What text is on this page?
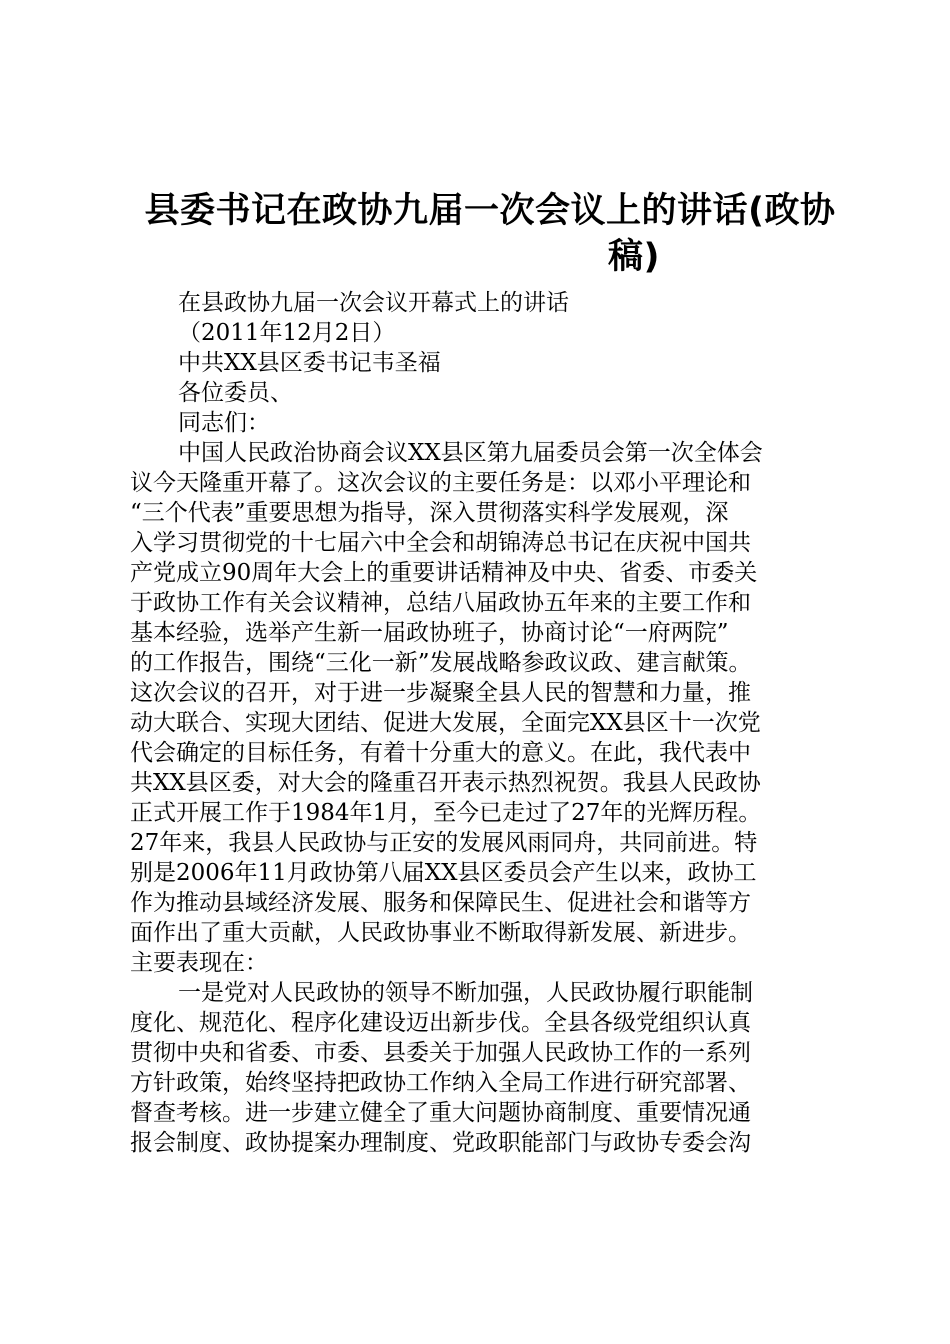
县委书记在政协九届一次会议上的讲话(政协
稿)
在县政协九届一次会议开幕式上的讲话
（2011年12月2日）
中共XX县区委书记韦圣福
各位委员、
同志们：

中国人民政治协商会议XX县区第九届委员会第一次全体会
议今天隆重开幕了。这次会议的主要任务是：以邓小平理论和
“三个代表”重要思想为指导，深入贯彻落实科学发展观，深
入学习贯彻党的十七届六中全会和胡锦涛总书记在庆祝中国共
产党成立90周年大会上的重要讲话精神及中央、省委、市委关
于政协工作有关会议精神，总结八届政协五年来的主要工作和
基本经验，选举产生新一届政协班子，协商讨论“一府两院”
的工作报告，围绕“三化一新”发展战略参政议政、建言献策。
这次会议的召开，对于进一步凝聚全县人民的智慧和力量，推
动大联合、实现大团结、促进大发展，全面完XX县区十一次党
代会确定的目标任务，有着十分重大的意义。在此，我代表中
共XX县区委，对大会的隆重召开表示热烈祝贺。我县人民政协
正式开展工作于1984年1月，至今已走过了27年的光辉历程。
27年来，我县人民政协与正安的发展风雨同舟，共同前进。特
别是2006年11月政协第八届XX县区委员会产生以来，政协工
作为推动县域经济发展、服务和保障民生、促进社会和谐等方
面作出了重大贡献，人民政协事业不断取得新发展、新进步。
主要表现在：

一是党对人民政协的领导不断加强，人民政协履行职能制
度化、规范化、程序化建设迈出新步伐。全县各级党组织认真
贯彻中央和省委、市委、县委关于加强人民政协工作的一系列
方针政策，始终坚持把政协工作纳入全局工作进行研究部署、
督查考核。进一步建立健全了重大问题协商制度、重要情况通
报会制度、政协提案办理制度、党政职能部门与政协专委会沟
